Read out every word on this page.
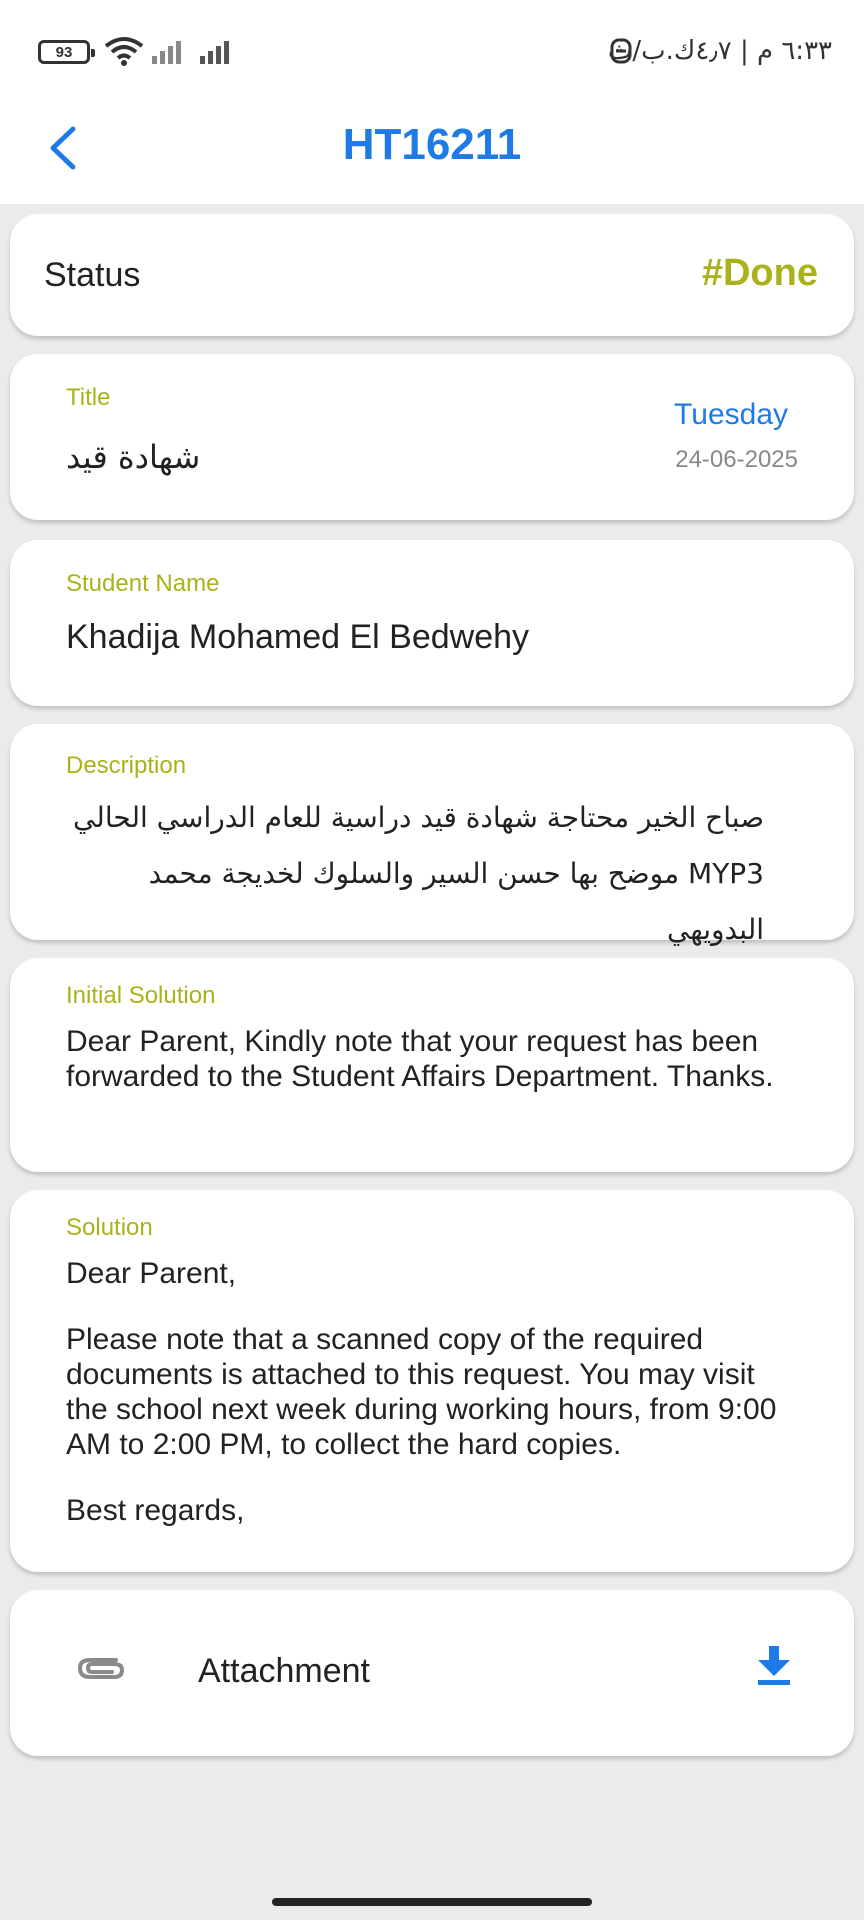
93	٦:٣٣ م | ٤٫٧ك.ب/ث
HT16211
Status	#Done
Title
شهادة قيد
Tuesday
24-06-2025
Student Name
Khadija Mohamed El Bedwehy
Description
صباح الخير محتاجة شهادة قيد دراسية للعام الدراسي الحالي MYP3 موضح بها حسن السير والسلوك لخديجة محمد البدويهي
Initial Solution
Dear Parent, Kindly note that your request has been forwarded to the Student Affairs Department. Thanks.
Solution

Dear Parent,

Please note that a scanned copy of the required documents is attached to this request. You may visit the school next week during working hours, from 9:00 AM to 2:00 PM, to collect the hard copies.

Best regards,

Attachment
